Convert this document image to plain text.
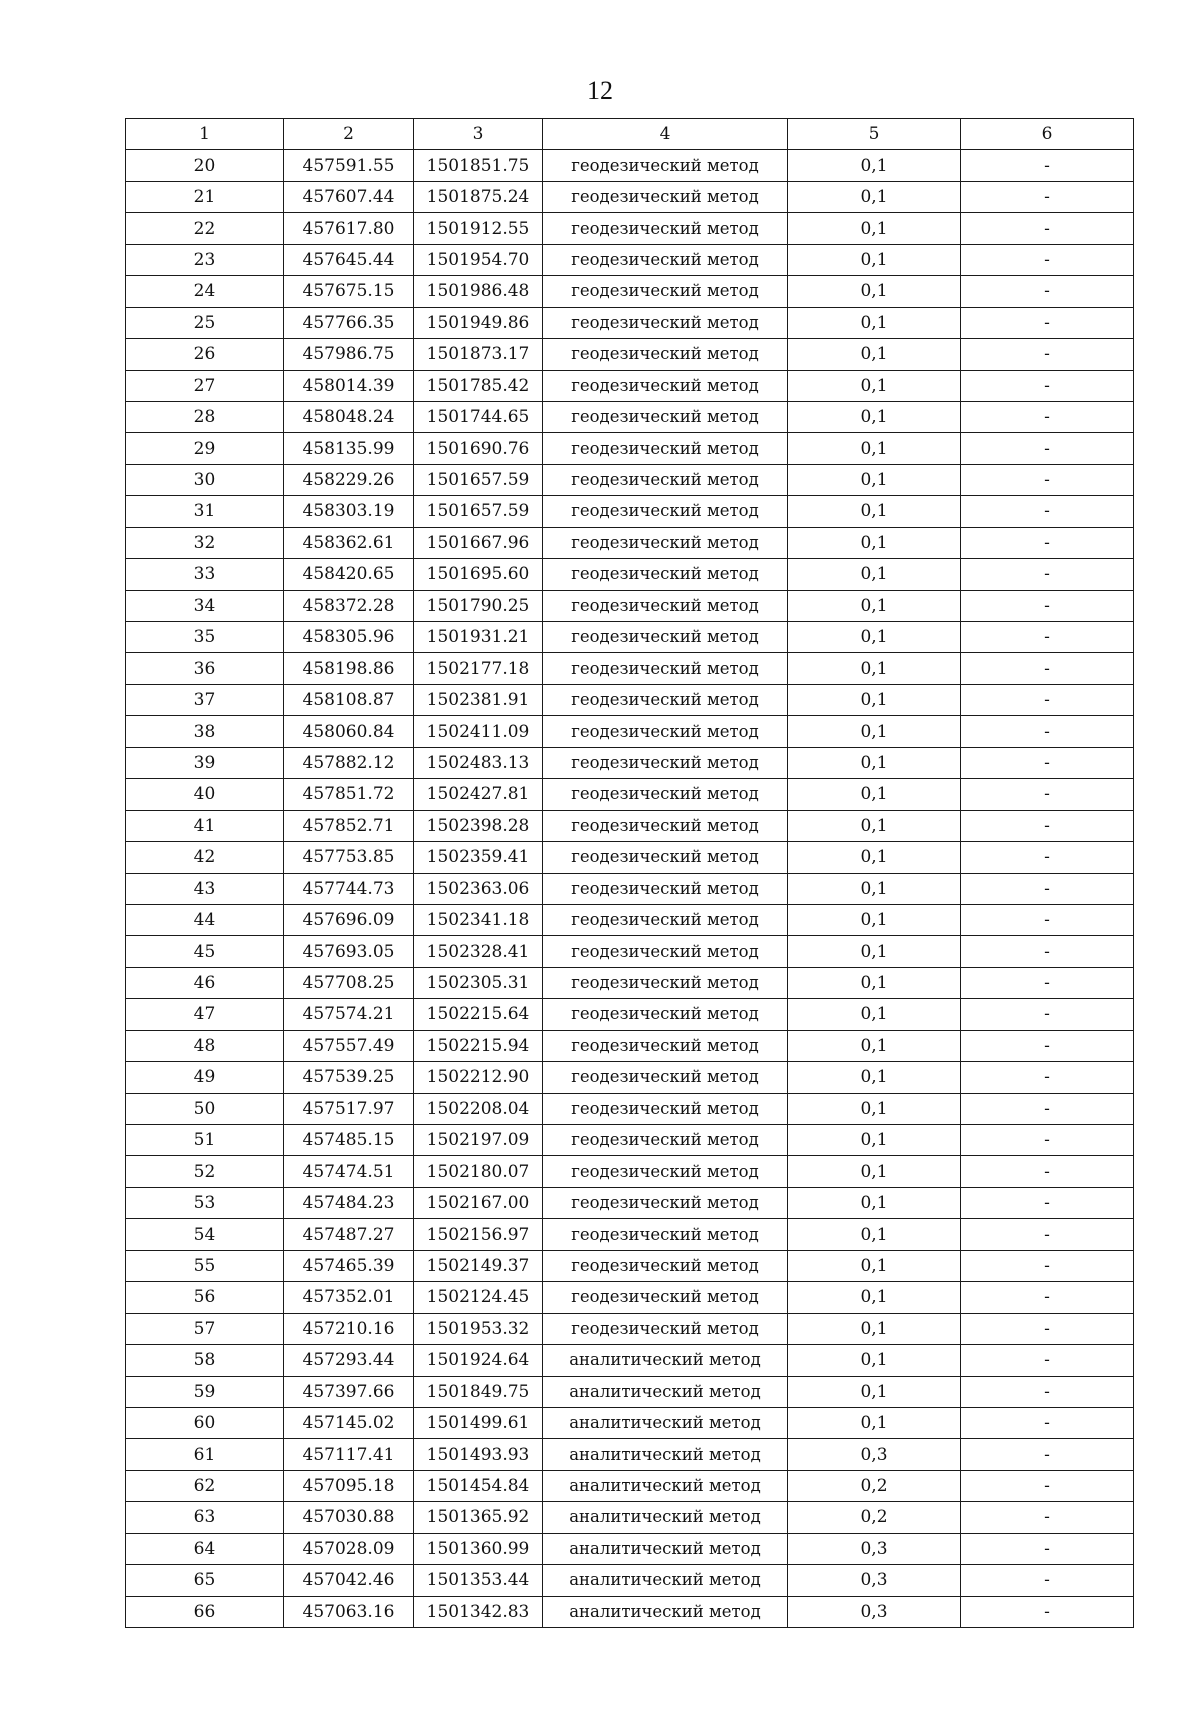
12
1	2	3	4	5	6
20	457591.55	1501851.75	геодезический метод	0,1	-
21	457607.44	1501875.24	геодезический метод	0,1	-
22	457617.80	1501912.55	геодезический метод	0,1	-
23	457645.44	1501954.70	геодезический метод	0,1	-
24	457675.15	1501986.48	геодезический метод	0,1	-
25	457766.35	1501949.86	геодезический метод	0,1	-
26	457986.75	1501873.17	геодезический метод	0,1	-
27	458014.39	1501785.42	геодезический метод	0,1	-
28	458048.24	1501744.65	геодезический метод	0,1	-
29	458135.99	1501690.76	геодезический метод	0,1	-
30	458229.26	1501657.59	геодезический метод	0,1	-
31	458303.19	1501657.59	геодезический метод	0,1	-
32	458362.61	1501667.96	геодезический метод	0,1	-
33	458420.65	1501695.60	геодезический метод	0,1	-
34	458372.28	1501790.25	геодезический метод	0,1	-
35	458305.96	1501931.21	геодезический метод	0,1	-
36	458198.86	1502177.18	геодезический метод	0,1	-
37	458108.87	1502381.91	геодезический метод	0,1	-
38	458060.84	1502411.09	геодезический метод	0,1	-
39	457882.12	1502483.13	геодезический метод	0,1	-
40	457851.72	1502427.81	геодезический метод	0,1	-
41	457852.71	1502398.28	геодезический метод	0,1	-
42	457753.85	1502359.41	геодезический метод	0,1	-
43	457744.73	1502363.06	геодезический метод	0,1	-
44	457696.09	1502341.18	геодезический метод	0,1	-
45	457693.05	1502328.41	геодезический метод	0,1	-
46	457708.25	1502305.31	геодезический метод	0,1	-
47	457574.21	1502215.64	геодезический метод	0,1	-
48	457557.49	1502215.94	геодезический метод	0,1	-
49	457539.25	1502212.90	геодезический метод	0,1	-
50	457517.97	1502208.04	геодезический метод	0,1	-
51	457485.15	1502197.09	геодезический метод	0,1	-
52	457474.51	1502180.07	геодезический метод	0,1	-
53	457484.23	1502167.00	геодезический метод	0,1	-
54	457487.27	1502156.97	геодезический метод	0,1	-
55	457465.39	1502149.37	геодезический метод	0,1	-
56	457352.01	1502124.45	геодезический метод	0,1	-
57	457210.16	1501953.32	геодезический метод	0,1	-
58	457293.44	1501924.64	аналитический метод	0,1	-
59	457397.66	1501849.75	аналитический метод	0,1	-
60	457145.02	1501499.61	аналитический метод	0,1	-
61	457117.41	1501493.93	аналитический метод	0,3	-
62	457095.18	1501454.84	аналитический метод	0,2	-
63	457030.88	1501365.92	аналитический метод	0,2	-
64	457028.09	1501360.99	аналитический метод	0,3	-
65	457042.46	1501353.44	аналитический метод	0,3	-
66	457063.16	1501342.83	аналитический метод	0,3	-
